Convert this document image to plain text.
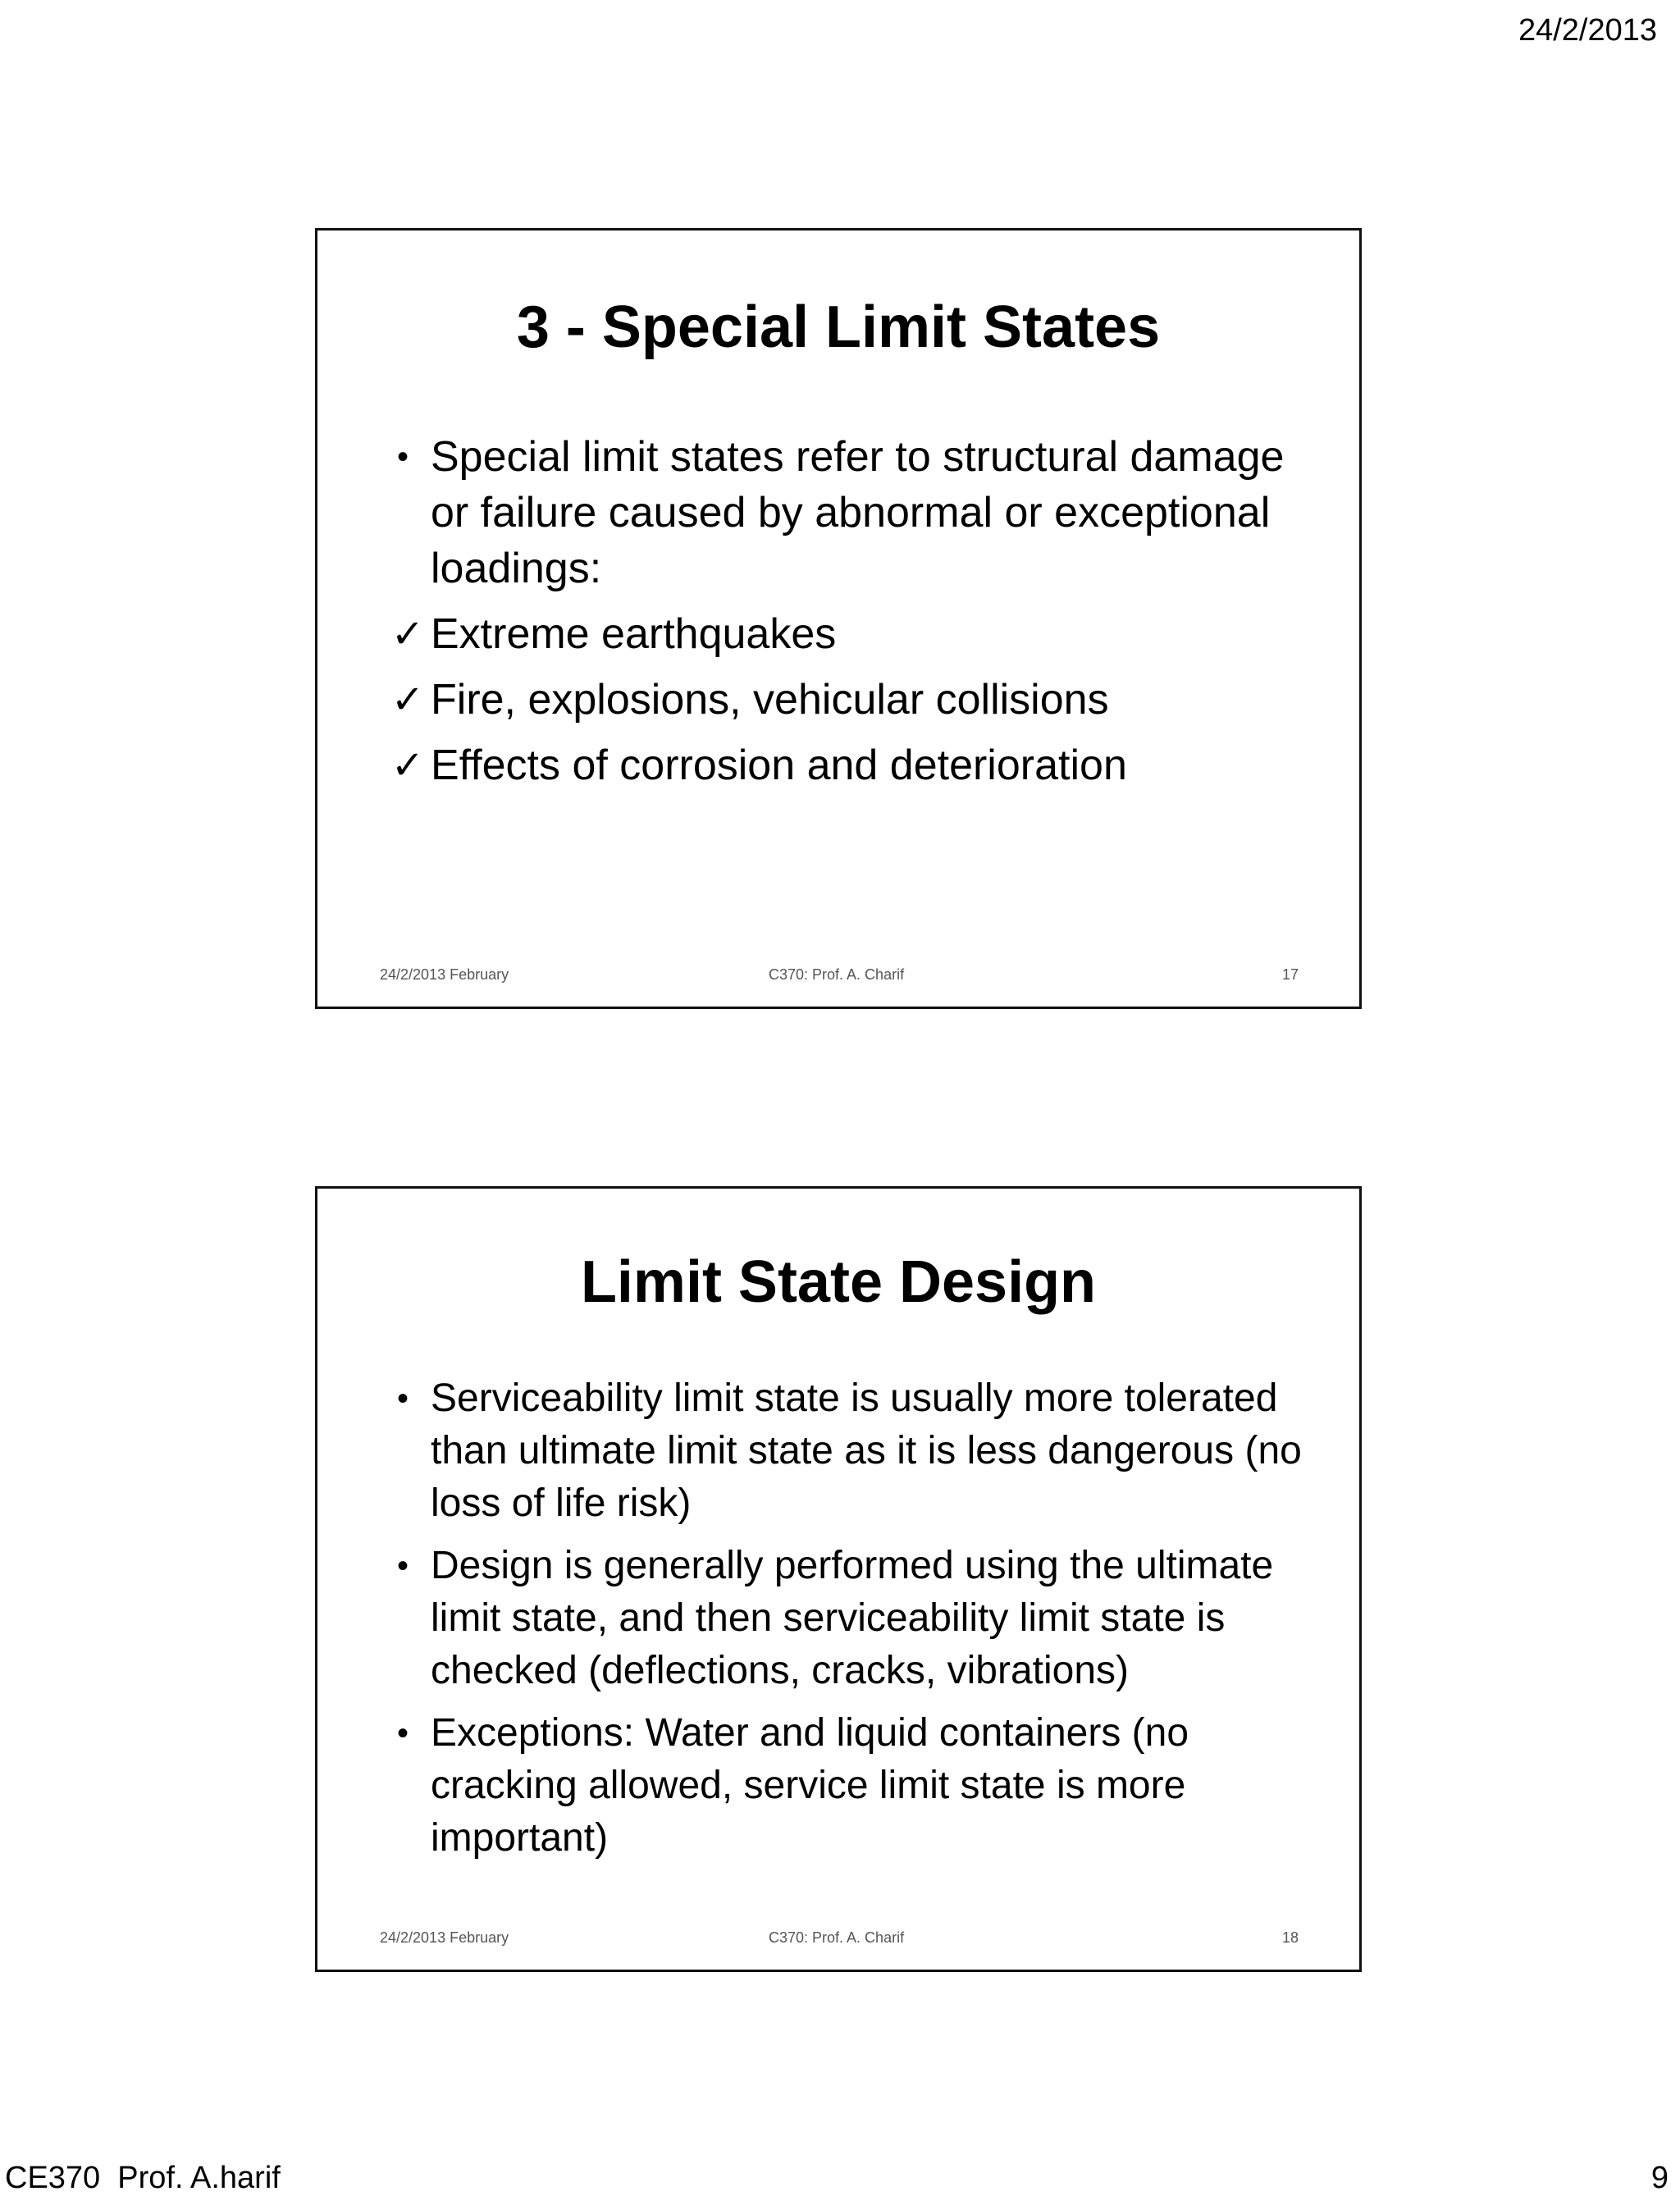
24/2/2013
3 - Special Limit States
• Special limit states refer to structural damage or failure caused by abnormal or exceptional loadings:
✓ Extreme earthquakes
✓ Fire, explosions, vehicular collisions
✓ Effects of corrosion and deterioration
24/2/2013 February	C370: Prof. A. Charif	17
Limit State Design
• Serviceability limit state is usually more tolerated than ultimate limit state as it is less dangerous (no loss of life risk)
• Design is generally performed using the ultimate limit state, and then serviceability limit state is checked (deflections, cracks, vibrations)
• Exceptions: Water and liquid containers (no cracking allowed, service limit state is more important)
24/2/2013 February	C370: Prof. A. Charif	18
CE370  Prof. A.harif	9
